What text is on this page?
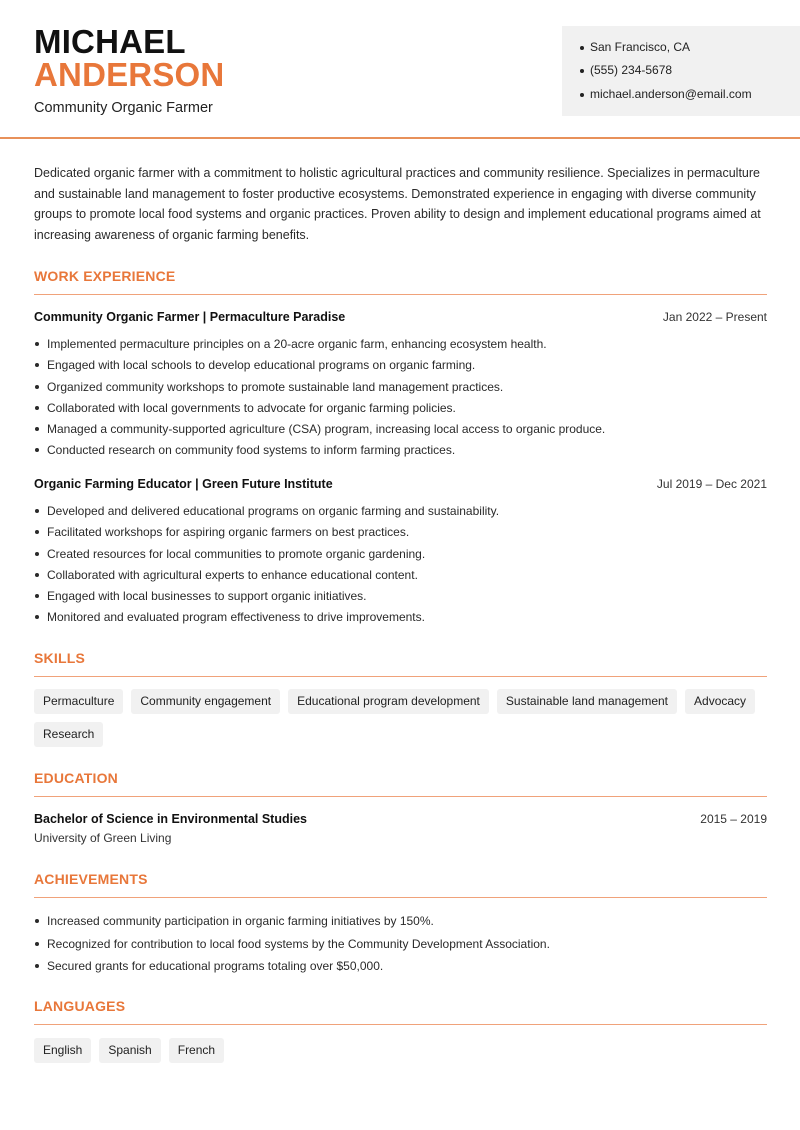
MICHAEL
ANDERSON
Community Organic Farmer
San Francisco, CA
(555) 234-5678
michael.anderson@email.com
Dedicated organic farmer with a commitment to holistic agricultural practices and community resilience. Specializes in permaculture and sustainable land management to foster productive ecosystems. Demonstrated experience in engaging with diverse community groups to promote local food systems and organic practices. Proven ability to design and implement educational programs aimed at increasing awareness of organic farming benefits.
WORK EXPERIENCE
Community Organic Farmer | Permaculture Paradise	Jan 2022 – Present
Implemented permaculture principles on a 20-acre organic farm, enhancing ecosystem health.
Engaged with local schools to develop educational programs on organic farming.
Organized community workshops to promote sustainable land management practices.
Collaborated with local governments to advocate for organic farming policies.
Managed a community-supported agriculture (CSA) program, increasing local access to organic produce.
Conducted research on community food systems to inform farming practices.
Organic Farming Educator | Green Future Institute	Jul 2019 – Dec 2021
Developed and delivered educational programs on organic farming and sustainability.
Facilitated workshops for aspiring organic farmers on best practices.
Created resources for local communities to promote organic gardening.
Collaborated with agricultural experts to enhance educational content.
Engaged with local businesses to support organic initiatives.
Monitored and evaluated program effectiveness to drive improvements.
SKILLS
Permaculture	Community engagement	Educational program development	Sustainable land management	Advocacy
Research
EDUCATION
Bachelor of Science in Environmental Studies
University of Green Living
2015 – 2019
ACHIEVEMENTS
Increased community participation in organic farming initiatives by 150%.
Recognized for contribution to local food systems by the Community Development Association.
Secured grants for educational programs totaling over $50,000.
LANGUAGES
English	Spanish	French
